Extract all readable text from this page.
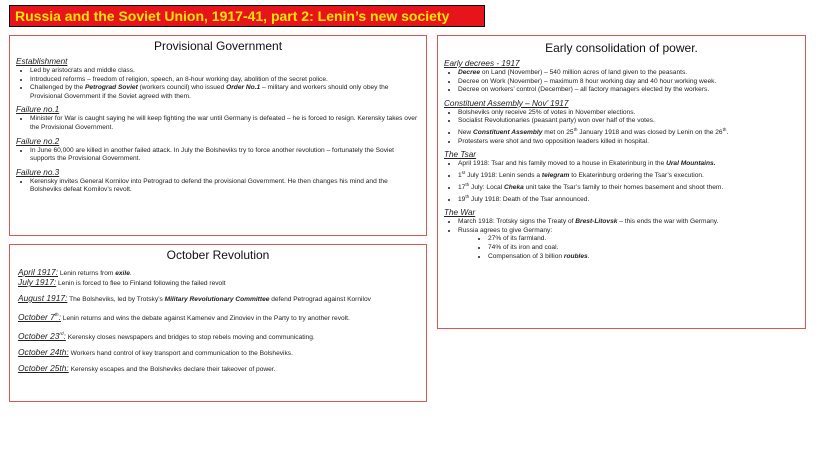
Russia and the Soviet Union, 1917-41, part 2: Lenin’s new society
Provisional Government
Establishment
• Led by aristocrats and middle class.
• Introduced reforms – freedom of religion, speech, an 8-hour working day, abolition of the secret police.
• Challenged by the Petrograd Soviet (workers council) who issued Order No.1 – military and workers should only obey the Provisional Government if the Soviet agreed with them.
Failure no.1
• Minister for War is caught saying he will keep fighting the war until Germany is defeated – he is forced to resign. Kerensky takes over the Provisional Government.
Failure no.2
• In June 60,000 are killed in another failed attack. In July the Bolsheviks try to force another revolution – fortunately the Soviet supports the Provisional Government.
Failure no.3
• Kerensky invites General Kornilov into Petrograd to defend the provisional Government. He then changes his mind and the Bolsheviks defeat Kornilov’s revolt.
October Revolution
April 1917: Lenin returns from exile.
July 1917: Lenin is forced to flee to Finland following the failed revolt
August 1917: The Bolsheviks, led by Trotsky’s Military Revolutionary Committee defend Petrograd against Kornilov
October 7th: Lenin returns and wins the debate against Kamenev and Zinoviev in the Party to try another revolt.
October 23rd: Kerensky closes newspapers and bridges to stop rebels moving and communicating.
October 24th: Workers hand control of key transport and communication to the Bolsheviks.
October 25th: Kerensky escapes and the Bolsheviks declare their takeover of power.
Early consolidation of power.
Early decrees - 1917
• Decree on Land (November) – 540 million acres of land given to the peasants.
• Decree on Work (November) – maximum 8 hour working day and 40 hour working week.
• Decree on workers’ control (December) – all factory managers elected by the workers.
Constituent Assembly – Nov’ 1917
• Bolsheviks only receive 25% of votes in November elections.
• Socialist Revolutionaries (peasant party) won over half of the votes.
• New Constituent Assembly met on 25th January 1918 and was closed by Lenin on the 26th.
• Protesters were shot and two opposition leaders killed in hospital.
The Tsar
• April 1918: Tsar and his family moved to a house in Ekaterinburg in the Ural Mountains.
• 1st July 1918: Lenin sends a telegram to Ekaterinburg ordering the Tsar’s execution.
• 17th July: Local Cheka unit take the Tsar’s family to their homes basement and shoot them.
• 19th July 1918: Death of the Tsar announced.
The War
• March 1918: Trotsky signs the Treaty of Brest-Litovsk – this ends the war with Germany.
• Russia agrees to give Germany:
• 27% of its farmland.
• 74% of its iron and coal.
• Compensation of 3 billion roubles.
